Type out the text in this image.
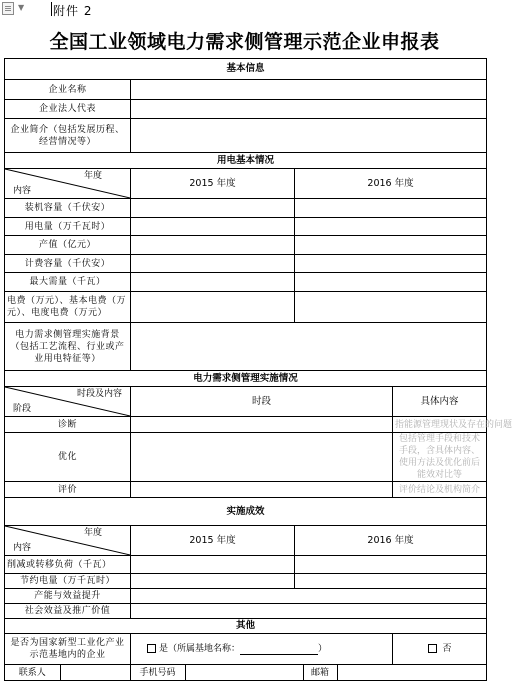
▼ 附件 2
全国工业领域电力需求侧管理示范企业申报表
基本信息
企业名称	
企业法人代表	
企业简介（包括发展历程、经营情况等）	
用电基本情况

年度
内容
	2015 年度	2016 年度
装机容量（千伏安）		
用电量（万千瓦时）		
产值（亿元）		
计费容量（千伏安）		
最大需量（千瓦）		
电费（万元）、基本电费（万元）、电度电费（万元）		
电力需求侧管理实施背景（包括工艺流程、行业或产业用电特征等）	
电力需求侧管理实施情况

时段及内容
阶段
	时段	具体内容
诊断		指能源管理现状及存在的问题
优化		包括管理手段和技术手段，含具体内容、使用方法及优化前后能效对比等
评价		评价结论及机构简介
实施成效

年度
内容
	2015 年度	2016 年度
削减或转移负荷（千瓦）		
节约电量（万千瓦时）		
产能与效益提升	
社会效益及推广价值	
其他
是否为国家新型工业化产业示范基地内的企业	是（所属基地名称：	）	否

联系人		手机号码		邮箱	
